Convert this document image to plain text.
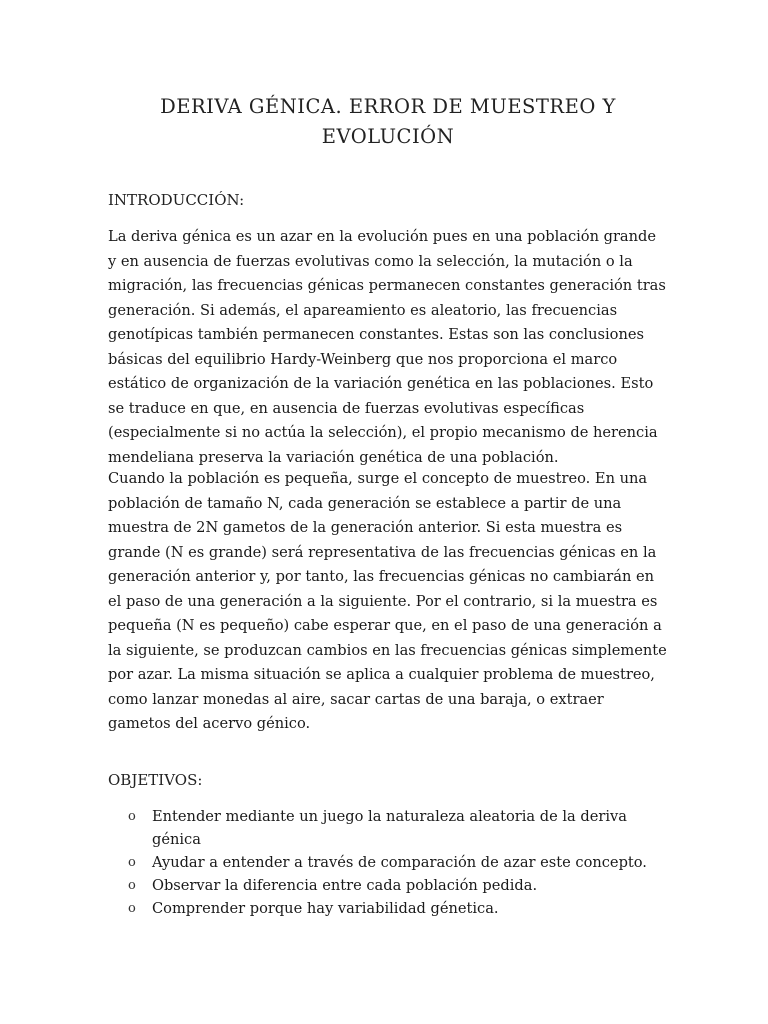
DERIVA GÉNICA. ERROR DE MUESTREO Y
EVOLUCIÓN
INTRODUCCIÓN:

La deriva génica es un azar en la evolución pues en una población grande y en ausencia de fuerzas evolutivas como la selección, la mutación o la migración, las frecuencias génicas permanecen constantes generación tras generación. Si además, el apareamiento es aleatorio, las frecuencias genotípicas también permanecen constantes. Estas son las conclusiones básicas del equilibrio Hardy-Weinberg que nos proporciona el marco estático de organización de la variación genética en las poblaciones. Esto se traduce en que, en ausencia de fuerzas evolutivas específicas (especialmente si no actúa la selección), el propio mecanismo de herencia mendeliana preserva la variación genética de una población.

Cuando la población es pequeña, surge el concepto de muestreo. En una población de tamaño N, cada generación se establece a partir de una muestra de 2N gametos de la generación anterior. Si esta muestra es grande (N es grande) será representativa de las frecuencias génicas en la generación anterior y, por tanto, las frecuencias génicas no cambiarán en el paso de una generación a la siguiente. Por el contrario, si la muestra es pequeña (N es pequeño) cabe esperar que, en el paso de una generación a la siguiente, se produzcan cambios en las frecuencias génicas simplemente por azar. La misma situación se aplica a cualquier problema de muestreo, como lanzar monedas al aire, sacar cartas de una baraja, o extraer gametos del acervo génico.

OBJETIVOS:
o Entender mediante un juego la naturaleza aleatoria de la deriva génica
o Ayudar a entender a través de comparación de azar este concepto.
o Observar la diferencia entre cada población pedida.
o Comprender porque hay variabilidad génetica.
